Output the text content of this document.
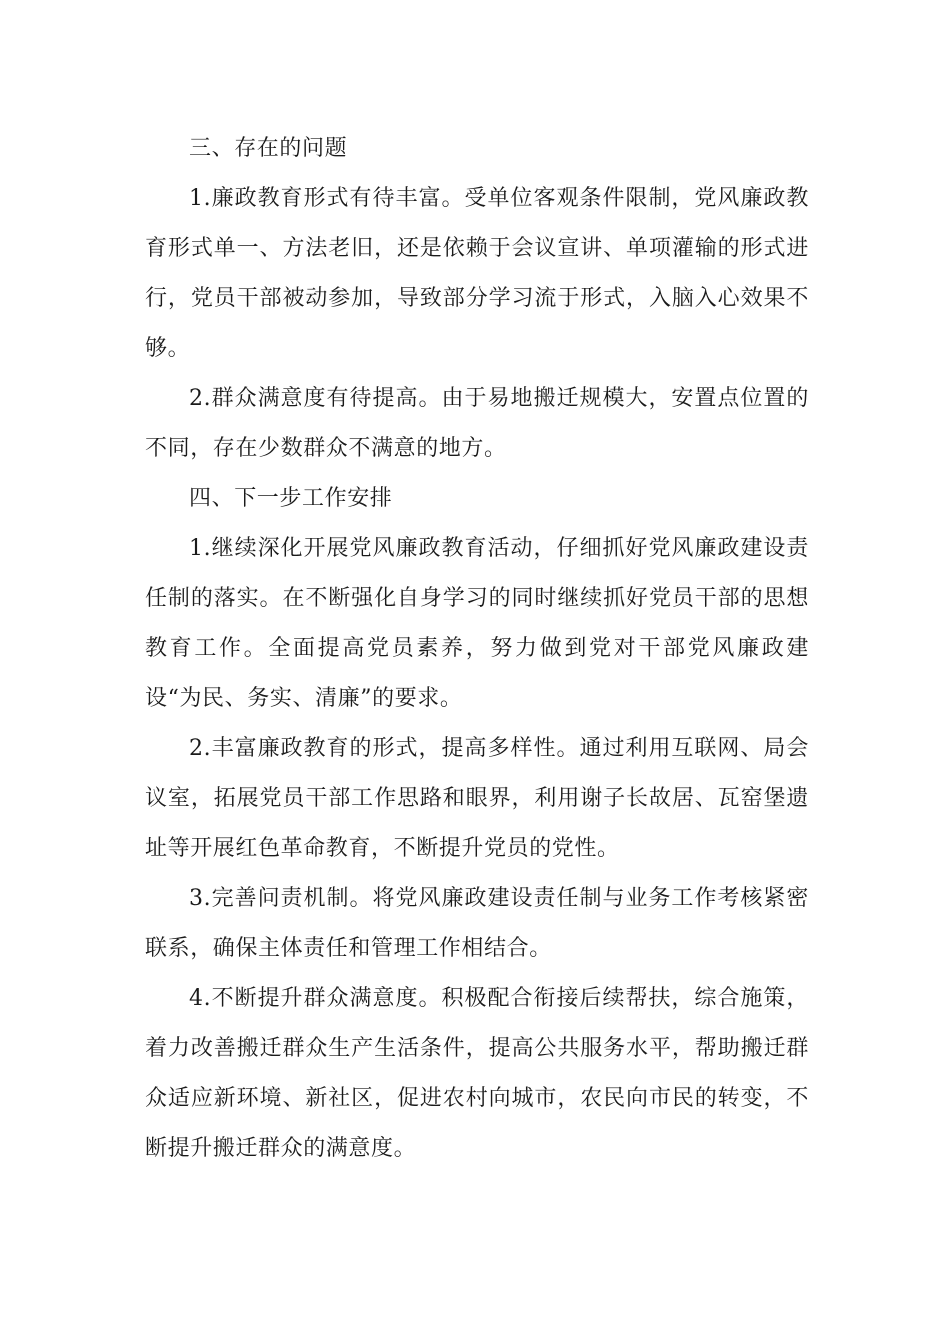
三、存在的问题

1.廉政教育形式有待丰富。受单位客观条件限制，党风廉政教育形式单一、方法老旧，还是依赖于会议宣讲、单项灌输的形式进行，党员干部被动参加，导致部分学习流于形式，入脑入心效果不够。

2.群众满意度有待提高。由于易地搬迁规模大，安置点位置的不同，存在少数群众不满意的地方。

四、下一步工作安排

1.继续深化开展党风廉政教育活动，仔细抓好党风廉政建设责任制的落实。在不断强化自身学习的同时继续抓好党员干部的思想教育工作。全面提高党员素养，努力做到党对干部党风廉政建设“为民、务实、清廉”的要求。

2.丰富廉政教育的形式，提高多样性。通过利用互联网、局会议室，拓展党员干部工作思路和眼界，利用谢子长故居、瓦窑堡遗址等开展红色革命教育，不断提升党员的党性。

3.完善问责机制。将党风廉政建设责任制与业务工作考核紧密联系，确保主体责任和管理工作相结合。

4.不断提升群众满意度。积极配合衔接后续帮扶，综合施策，着力改善搬迁群众生产生活条件，提高公共服务水平，帮助搬迁群众适应新环境、新社区，促进农村向城市，农民向市民的转变，不断提升搬迁群众的满意度。
